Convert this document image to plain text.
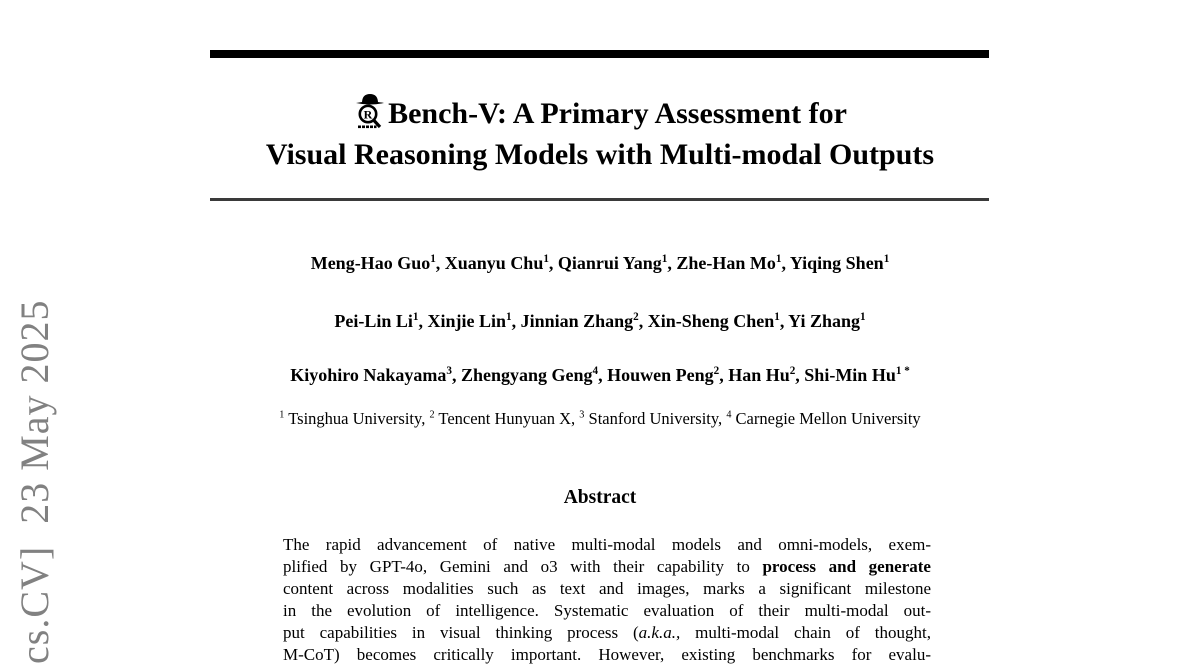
cs.CV]  23 May 2025
R Bench-V: A Primary Assessment for
Visual Reasoning Models with Multi-modal Outputs
Meng-Hao Guo$^1$, Xuanyu Chu$^1$, Qianrui Yang$^1$, Zhe-Han Mo$^1$, Yiqing Shen$^1$
Pei-Lin Li$^1$, Xinjie Lin$^1$, Jinnian Zhang$^2$, Xin-Sheng Chen$^1$, Yi Zhang$^1$
Kiyohiro Nakayama$^3$, Zhengyang Geng$^4$, Houwen Peng$^2$, Han Hu$^2$, Shi-Min $Hu^{1 *}$
$^1$ Tsinghua University, $^2$ Tencent Hunyuan X, $^3$ Stanford University, $^4$ Carnegie Mellon University
Abstract
The rapid advancement of native multi-modal models and omni-models, exem-
plified by GPT-4o, Gemini and o3 with their capability to process and generate
content across modalities such as text and images, marks a significant milestone
in the evolution of intelligence. Systematic evaluation of their multi-modal out-
put capabilities in visual thinking process (a.k.a., multi-modal chain of thought,
M-CoT) becomes critically important. However, existing benchmarks for evalu-
